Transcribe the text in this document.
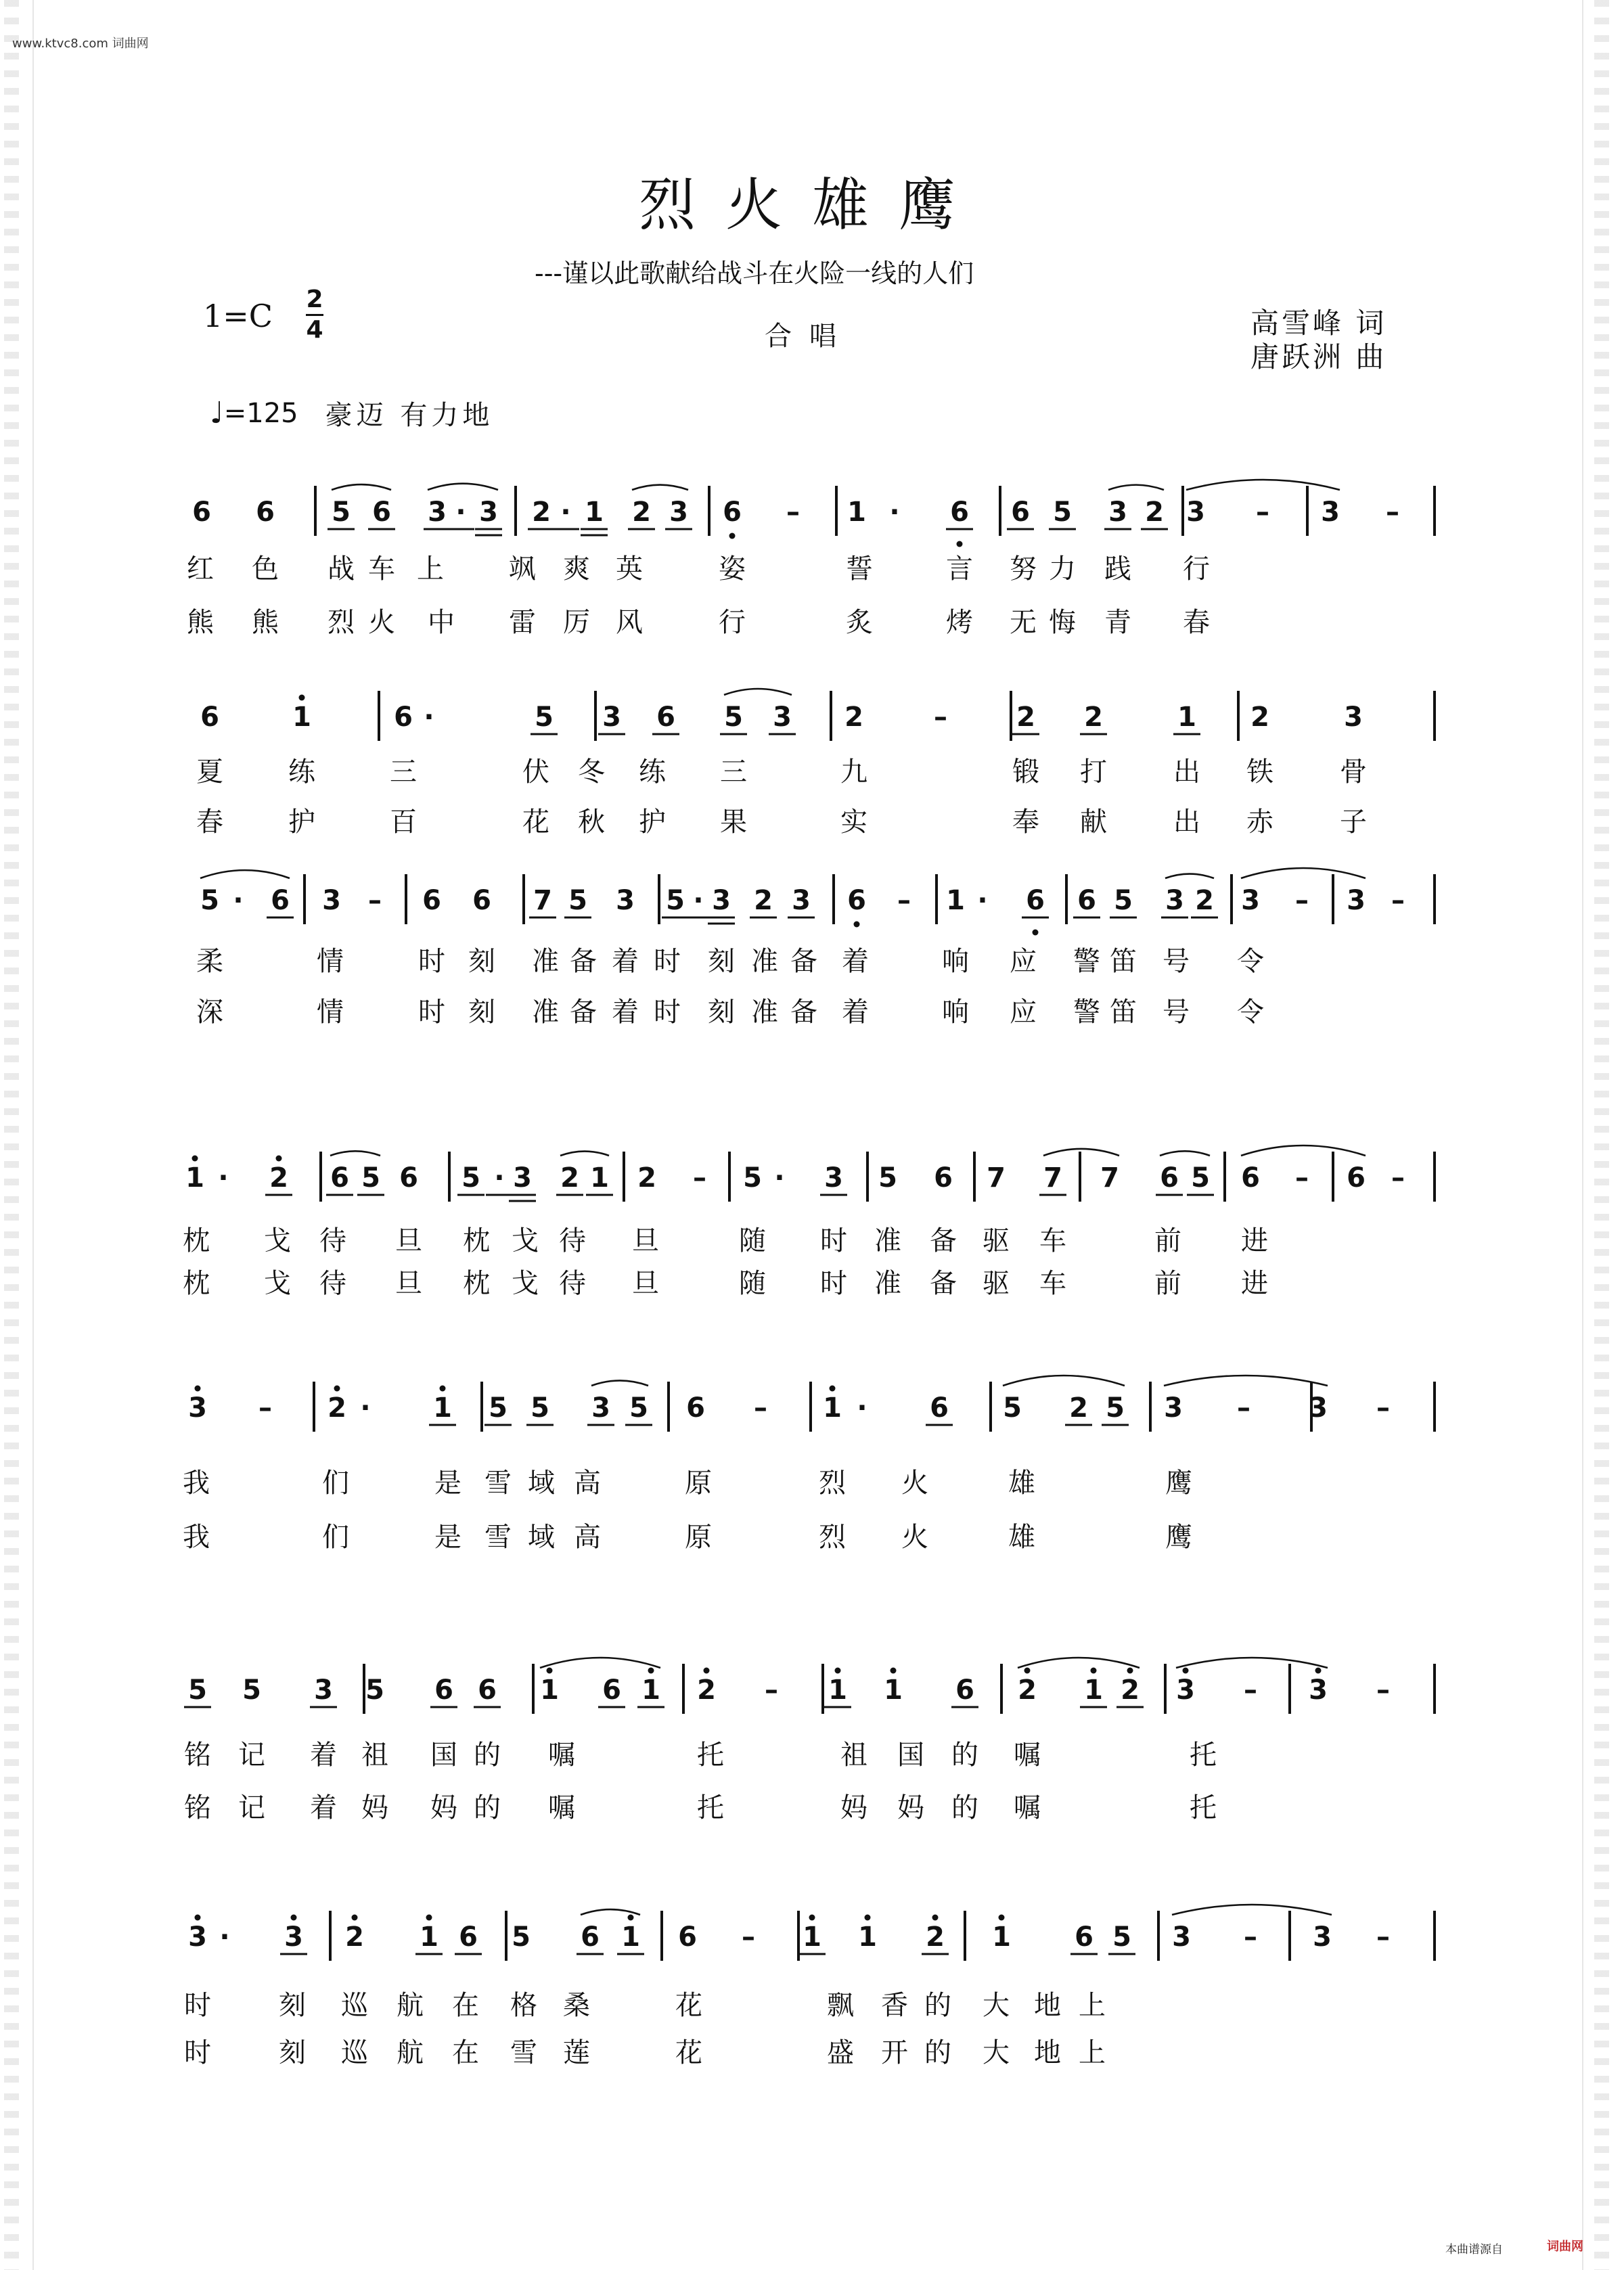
www.ktvc8.com 词曲网
烈火雄鹰
---谨以此歌献给战斗在火险一线的人们
1=C 2
4	合唱	高雪峰 词
唐跃洲 曲
♩ =125 豪迈 有力地
6 6 5 6 3 · 3 2 · 1 2 3 6 – 1 · 6 6 5 3 2 3 – 3 –
6	1	6 ·	5 3 6 5 3 2	–	2 2	1 2	3
5 · 6 3 – 6 6 7 5 3 5 · 3 2 3 6 – 1 · 6 6 5 3 2 3 – 3 –
1 · 2 6 5 6 5 · 3 2 1 2 – 5 · 3 5 6 7 7 7 6 5 6 – 6 –
3 – 2 · 1 5 5 3 5 6 – 1 · 6 5 2 5 3 – 3 –
5 5 3 5 6 6 1 6 1 2 – 1 1 6 2 1 2 3 – 3 –
3 · 3 2 1 6 5 6 1 6 – 1 1 2 1 6 5 3 – 3 –
红 色 战 车 上 飒 爽 英	姿	誓	言 努 力 践 行
熊 熊 烈 火 中 雷 厉 风	行	炙	烤 无 悔 青 春
夏 练	三	伏 冬 练 三	九	锻 打 出 铁 骨
春 护	百	花 秋 护 果	实	奉 献 出 赤 子
柔	情	时 刻 准 备 着 时 刻 准 备 着	响 应 警 笛 号 令
深	情	时 刻 准 备 着 时 刻 准 备 着	响 应 警 笛 号 令
枕 戈 待 旦 枕 戈 待 旦	随 时 准 备 驱 车	前 进
枕 戈 待 旦 枕 戈 待 旦	随 时 准 备 驱 车	前 进
我	们	是 雪 域 高	原	烈 火	雄	鹰
我	们	是 雪 域 高	原	烈 火	雄	鹰
铭 记 着 祖 国 的 嘱	托	祖 国 的 嘱	托
铭 记 着 妈 妈 的 嘱	托	妈 妈 的 嘱	托
时	刻 巡 航 在 格 桑	花	飘 香 的 大 地 上
时	刻 巡 航 在 雪 莲	花	盛 开 的 大 地 上
本曲谱源自	词曲网
